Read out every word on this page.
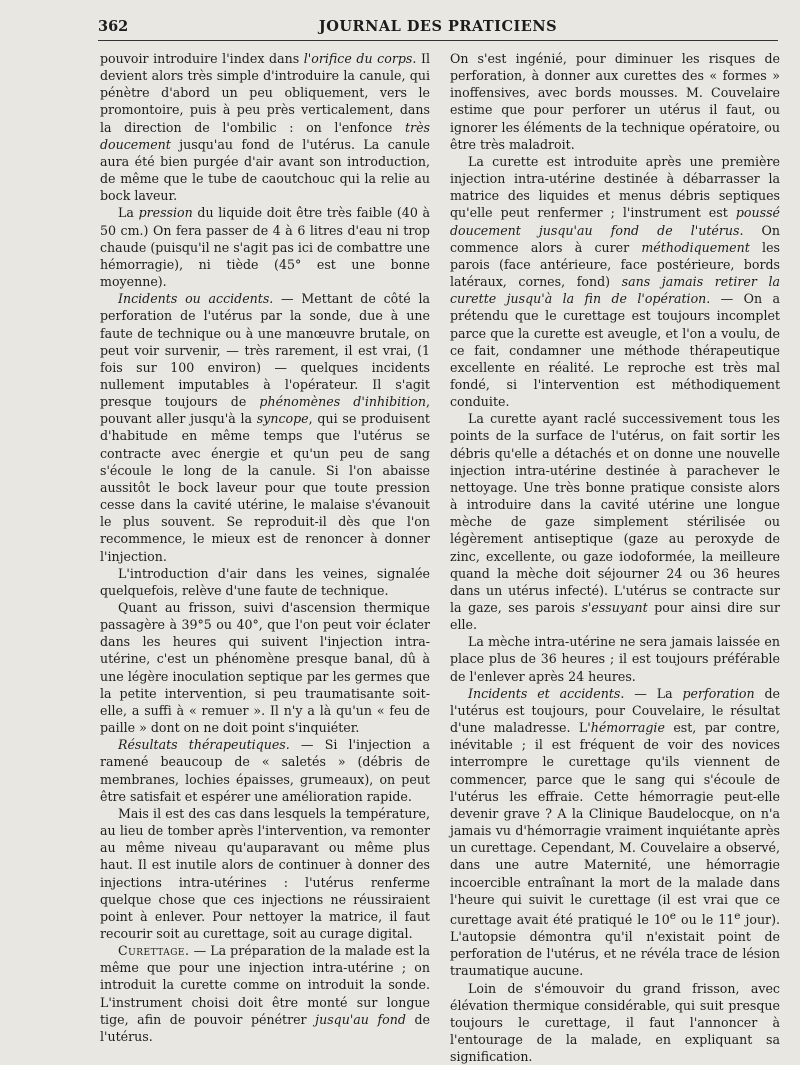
362	JOURNAL DES PRATICIENS

pouvoir introduire l'index dans l'orifice du corps. Il devient alors très simple d'introduire la canule, qui pénètre d'abord un peu obliquement, vers le promontoire, puis à peu près verticalement, dans la direction de l'ombilic : on l'enfonce très doucement jusqu'au fond de l'utérus. La canule aura été bien purgée d'air avant son introduction, de même que le tube de caoutchouc qui la relie au bock laveur.

La pression du liquide doit être très faible (40 à 50 cm.) On fera passer de 4 à 6 litres d'eau ni trop chaude (puisqu'il ne s'agit pas ici de combattre une hémorragie), ni tiède (45° est une bonne moyenne).

Incidents ou accidents. — Mettant de côté la perforation de l'utérus par la sonde, due à une faute de technique ou à une manœuvre brutale, on peut voir survenir, — très rarement, il est vrai, (1 fois sur 100 environ) — quelques incidents nullement imputables à l'opérateur. Il s'agit presque toujours de phénomènes d'inhibition, pouvant aller jusqu'à la syncope, qui se produisent d'habitude en même temps que l'utérus se contracte avec énergie et qu'un peu de sang s'écoule le long de la canule. Si l'on abaisse aussitôt le bock laveur pour que toute pression cesse dans la cavité utérine, le malaise s'évanouit le plus souvent. Se reproduit-il dès que l'on recommence, le mieux est de renoncer à donner l'injection.

L'introduction d'air dans les veines, signalée quelquefois, relève d'une faute de technique.

Quant au frisson, suivi d'ascension thermique passagère à 39°5 ou 40°, que l'on peut voir éclater dans les heures qui suivent l'injection intra-utérine, c'est un phénomène presque banal, dû à une légère inoculation septique par les germes que la petite intervention, si peu traumatisante soit-elle, a suffi à « remuer ». Il n'y a là qu'un « feu de paille » dont on ne doit point s'inquiéter.

Résultats thérapeutiques. — Si l'injection a ramené beaucoup de « saletés » (débris de membranes, lochies épaisses, grumeaux), on peut être satisfait et espérer une amélioration rapide.

Mais il est des cas dans lesquels la température, au lieu de tomber après l'intervention, va remonter au même niveau qu'auparavant ou même plus haut. Il est inutile alors de continuer à donner des injections intra-utérines : l'utérus renferme quelque chose que ces injections ne réussiraient point à enlever. Pour nettoyer la matrice, il faut recourir soit au curettage, soit au curage digital.

Curettage. — La préparation de la malade est la même que pour une injection intra-utérine ; on introduit la curette comme on introduit la sonde. L'instrument choisi doit être monté sur longue tige, afin de pouvoir pénétrer jusqu'au fond de l'utérus.

On s'est ingénié, pour diminuer les risques de perforation, à donner aux curettes des « formes » inoffensives, avec bords mousses. M. Couvelaire estime que pour perforer un utérus il faut, ou ignorer les éléments de la technique opératoire, ou être très maladroit.

La curette est introduite après une première injection intra-utérine destinée à débarrasser la matrice des liquides et menus débris septiques qu'elle peut renfermer ; l'instrument est poussé doucement jusqu'au fond de l'utérus. On commence alors à curer méthodiquement les parois (face antérieure, face postérieure, bords latéraux, cornes, fond) sans jamais retirer la curette jusqu'à la fin de l'opération. — On a prétendu que le curettage est toujours incomplet parce que la curette est aveugle, et l'on a voulu, de ce fait, condamner une méthode thérapeutique excellente en réalité. Le reproche est très mal fondé, si l'intervention est méthodiquement conduite.

La curette ayant raclé successivement tous les points de la surface de l'utérus, on fait sortir les débris qu'elle a détachés et on donne une nouvelle injection intra-utérine destinée à parachever le nettoyage. Une très bonne pratique consiste alors à introduire dans la cavité utérine une longue mèche de gaze simplement stérilisée ou légèrement antiseptique (gaze au peroxyde de zinc, excellente, ou gaze iodoformée, la meilleure quand la mèche doit séjourner 24 ou 36 heures dans un utérus infecté). L'utérus se contracte sur la gaze, ses parois s'essuyant pour ainsi dire sur elle.

La mèche intra-utérine ne sera jamais laissée en place plus de 36 heures ; il est toujours préférable de l'enlever après 24 heures.

Incidents et accidents. — La perforation de l'utérus est toujours, pour Couvelaire, le résultat d'une maladresse. L'hémorragie est, par contre, inévitable ; il est fréquent de voir des novices interrompre le curettage qu'ils viennent de commencer, parce que le sang qui s'écoule de l'utérus les effraie. Cette hémorragie peut-elle devenir grave ? A la Clinique Baudelocque, on n'a jamais vu d'hémorragie vraiment inquiétante après un curettage. Cependant, M. Couvelaire a observé, dans une autre Maternité, une hémorragie incoercible entraînant la mort de la malade dans l'heure qui suivit le curettage (il est vrai que ce curettage avait été pratiqué le 10e ou le 11e jour). L'autopsie démontra qu'il n'existait point de perforation de l'utérus, et ne révéla trace de lésion traumatique aucune.

Loin de s'émouvoir du grand frisson, avec élévation thermique considérable, qui suit presque toujours le curettage, il faut l'annoncer à l'entourage de la malade, en expliquant sa signification.
